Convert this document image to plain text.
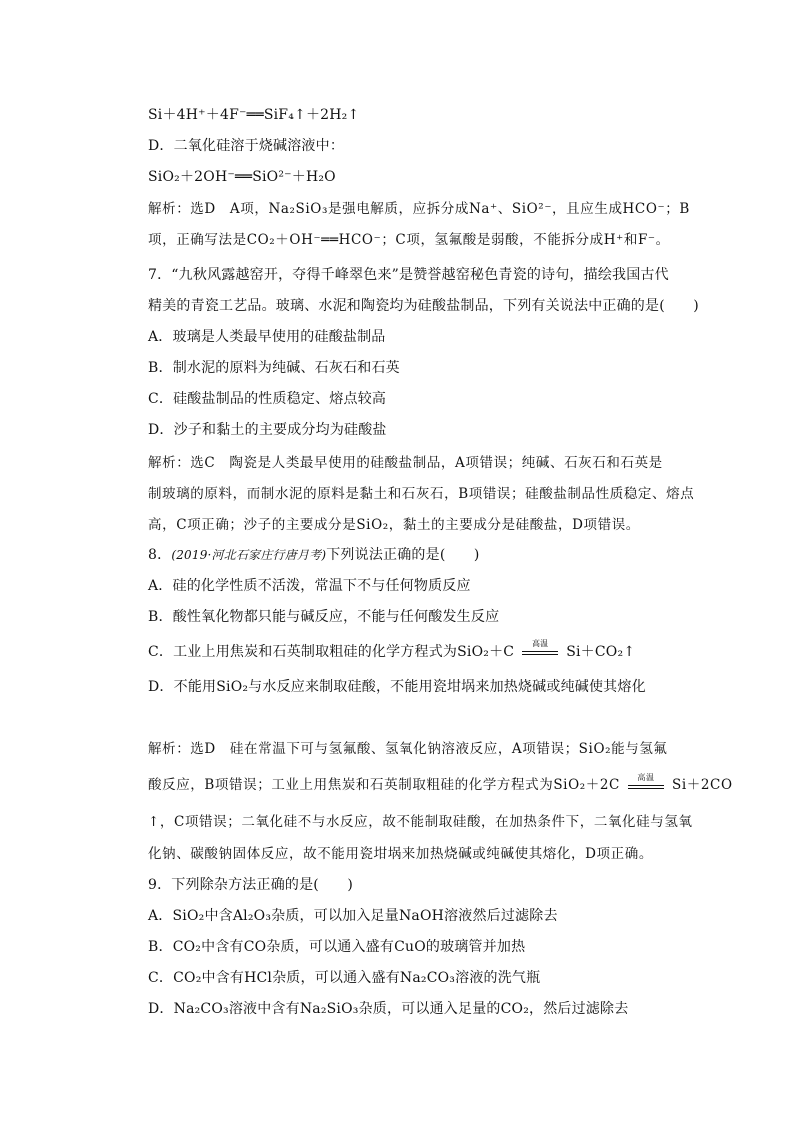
Si＋4H⁺＋4F⁻══SiF₄↑＋2H₂↑
D．二氧化硅溶于烧碱溶液中：
SiO₂＋2OH⁻══SiO²⁻＋H₂O
解析：选D　A项，Na₂SiO₃是强电解质，应拆分成Na⁺、SiO²⁻，且应生成HCO⁻；B
项，正确写法是CO₂＋OH⁻══HCO⁻；C项，氢氟酸是弱酸，不能拆分成H⁺和F⁻。
7．“九秋风露越窑开，夺得千峰翠色来”是赞誉越窑秘色青瓷的诗句，描绘我国古代
精美的青瓷工艺品。玻璃、水泥和陶瓷均为硅酸盐制品，下列有关说法中正确的是(　　)
A．玻璃是人类最早使用的硅酸盐制品
B．制水泥的原料为纯碱、石灰石和石英
C．硅酸盐制品的性质稳定、熔点较高
D．沙子和黏土的主要成分均为硅酸盐
解析：选C　陶瓷是人类最早使用的硅酸盐制品，A项错误；纯碱、石灰石和石英是
制玻璃的原料，而制水泥的原料是黏土和石灰石，B项错误；硅酸盐制品性质稳定、熔点
高，C项正确；沙子的主要成分是SiO₂，黏土的主要成分是硅酸盐，D项错误。
8．(2019·河北石家庄行唐月考)下列说法正确的是(　　)
A．硅的化学性质不活泼，常温下不与任何物质反应
B．酸性氧化物都只能与碱反应，不能与任何酸发生反应
C．工业上用焦炭和石英制取粗硅的化学方程式为SiO₂＋C
高温
Si＋CO₂↑
D．不能用SiO₂与水反应来制取硅酸，不能用瓷坩埚来加热烧碱或纯碱使其熔化
解析：选D　硅在常温下可与氢氟酸、氢氧化钠溶液反应，A项错误；SiO₂能与氢氟
酸反应，B项错误；工业上用焦炭和石英制取粗硅的化学方程式为SiO₂＋2C	高温	Si＋2CO
↑，C项错误；二氧化硅不与水反应，故不能制取硅酸，在加热条件下，二氧化硅与氢氧
化钠、碳酸钠固体反应，故不能用瓷坩埚来加热烧碱或纯碱使其熔化，D项正确。
9．下列除杂方法正确的是(　　)
A．SiO₂中含Al₂O₃杂质，可以加入足量NaOH溶液然后过滤除去
B．CO₂中含有CO杂质，可以通入盛有CuO的玻璃管并加热
C．CO₂中含有HCl杂质，可以通入盛有Na₂CO₃溶液的洗气瓶
D．Na₂CO₃溶液中含有Na₂SiO₃杂质，可以通入足量的CO₂，然后过滤除去
